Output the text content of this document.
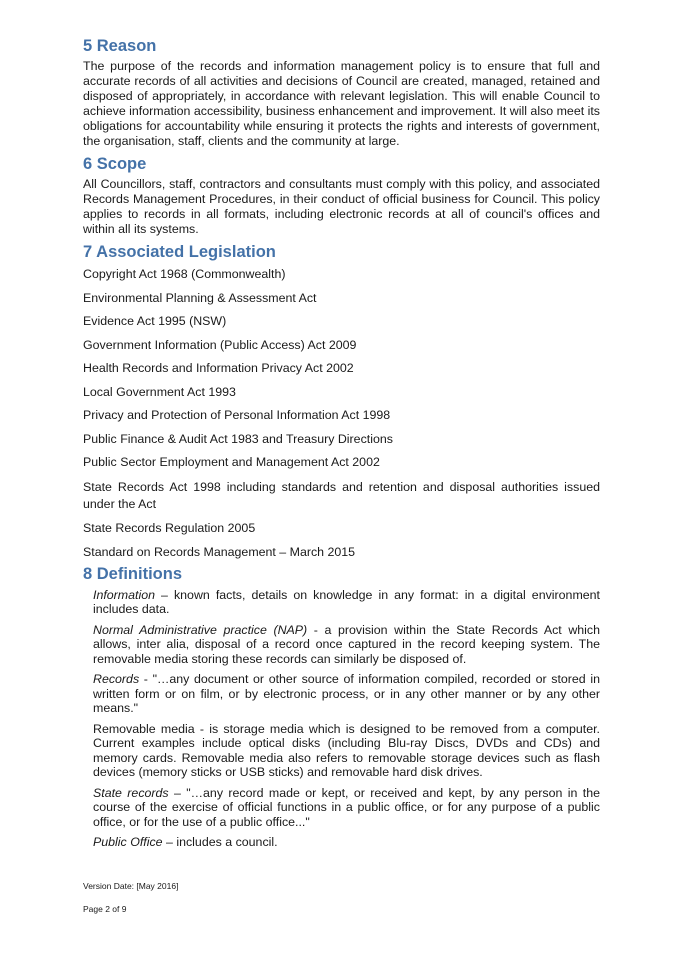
5 Reason

The purpose of the records and information management policy is to ensure that full and accurate records of all activities and decisions of Council are created, managed, retained and disposed of appropriately, in accordance with relevant legislation. This will enable Council to achieve information accessibility, business enhancement and improvement. It will also meet its obligations for accountability while ensuring it protects the rights and interests of government, the organisation, staff, clients and the community at large.

6 Scope

All Councillors, staff, contractors and consultants must comply with this policy, and associated Records Management Procedures, in their conduct of official business for Council. This policy applies to records in all formats, including electronic records at all of council's offices and within all its systems.

7 Associated Legislation
Copyright Act 1968 (Commonwealth)
Environmental Planning & Assessment Act
Evidence Act 1995 (NSW)
Government Information (Public Access) Act 2009
Health Records and Information Privacy Act 2002
Local Government Act 1993
Privacy and Protection of Personal Information Act 1998
Public Finance & Audit Act 1983 and Treasury Directions
Public Sector Employment and Management Act 2002
State Records Act 1998 including standards and retention and disposal authorities issued under the Act
State Records Regulation 2005
Standard on Records Management – March 2015
8 Definitions
Information – known facts, details on knowledge in any format: in a digital environment includes data.
Normal Administrative practice (NAP) - a provision within the State Records Act which allows, inter alia, disposal of a record once captured in the record keeping system. The removable media storing these records can similarly be disposed of.
Records - "…any document or other source of information compiled, recorded or stored in written form or on film, or by electronic process, or in any other manner or by any other means."
Removable media - is storage media which is designed to be removed from a computer. Current examples include optical disks (including Blu-ray Discs, DVDs and CDs) and memory cards. Removable media also refers to removable storage devices such as flash devices (memory sticks or USB sticks) and removable hard disk drives.
State records – "…any record made or kept, or received and kept, by any person in the course of the exercise of official functions in a public office, or for any purpose of a public office, or for the use of a public office..."
Public Office – includes a council.
Version Date: [May 2016]
Page 2 of 9
